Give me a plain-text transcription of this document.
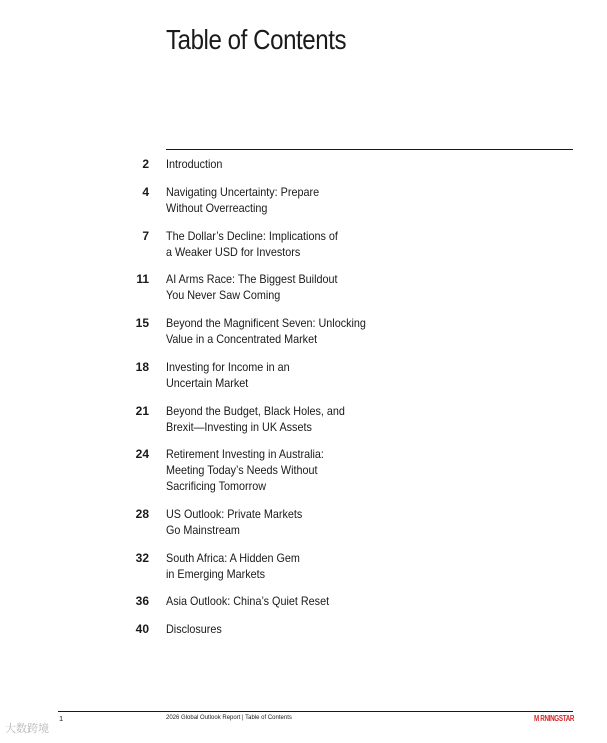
Table of Contents
2 Introduction
4 Navigating Uncertainty: Prepare
Without Overreacting
7 The Dollar’s Decline: Implications of
a Weaker USD for Investors
11 AI Arms Race: The Biggest Buildout
You Never Saw Coming
15 Beyond the Magnificent Seven: Unlocking
Value in a Concentrated Market
18 Investing for Income in an
Uncertain Market
21 Beyond the Budget, Black Holes, and
Brexit—Investing in UK Assets
24 Retirement Investing in Australia:
Meeting Today’s Needs Without
Sacrificing Tomorrow
28 US Outlook: Private Markets
Go Mainstream
32 South Africa: A Hidden Gem
in Emerging Markets
36 Asia Outlook: China’s Quiet Reset
40 Disclosures
1	2026 Global Outlook Report | Table of Contents	M RNINGSTAR
大数跨境
